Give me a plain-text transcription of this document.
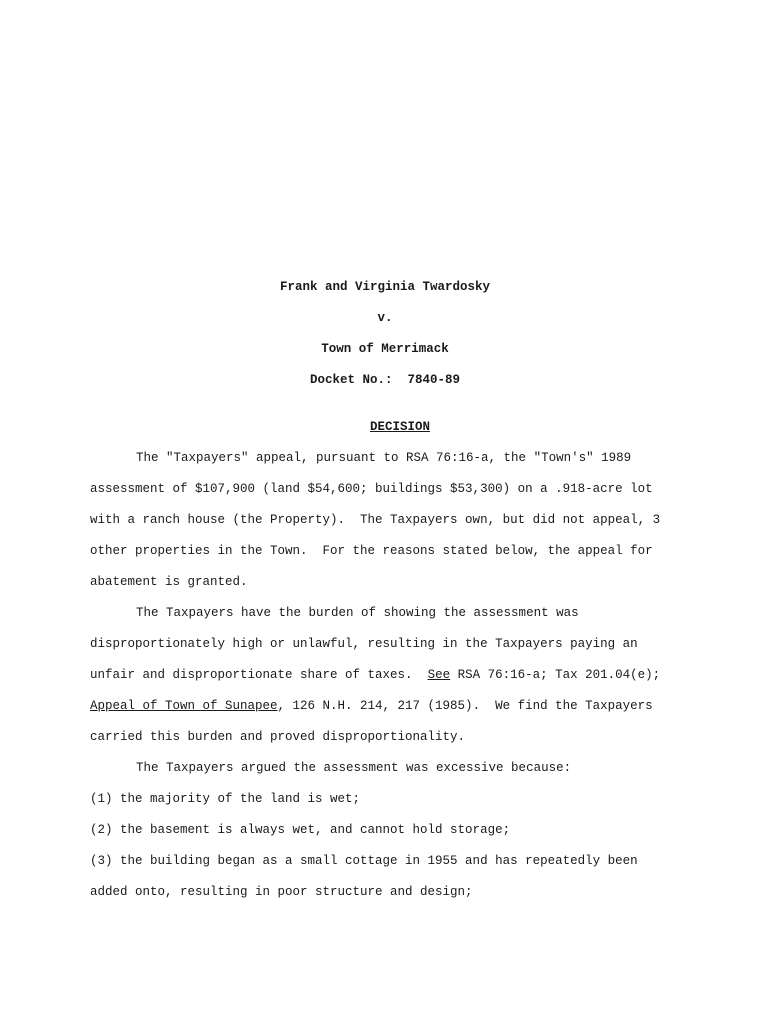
Frank and Virginia Twardosky
v.
Town of Merrimack
Docket No.:  7840-89

DECISION

The "Taxpayers" appeal, pursuant to RSA 76:16-a, the "Town's" 1989
assessment of $107,900 (land $54,600; buildings $53,300) on a .918-acre lot
with a ranch house (the Property).  The Taxpayers own, but did not appeal, 3
other properties in the Town.  For the reasons stated below, the appeal for
abatement is granted.
The Taxpayers have the burden of showing the assessment was
disproportionately high or unlawful, resulting in the Taxpayers paying an
unfair and disproportionate share of taxes.  See RSA 76:16-a; Tax 201.04(e);
Appeal of Town of Sunapee, 126 N.H. 214, 217 (1985).  We find the Taxpayers
carried this burden and proved disproportionality.
The Taxpayers argued the assessment was excessive because:
(1) the majority of the land is wet;
(2) the basement is always wet, and cannot hold storage;
(3) the building began as a small cottage in 1955 and has repeatedly been
added onto, resulting in poor structure and design;
